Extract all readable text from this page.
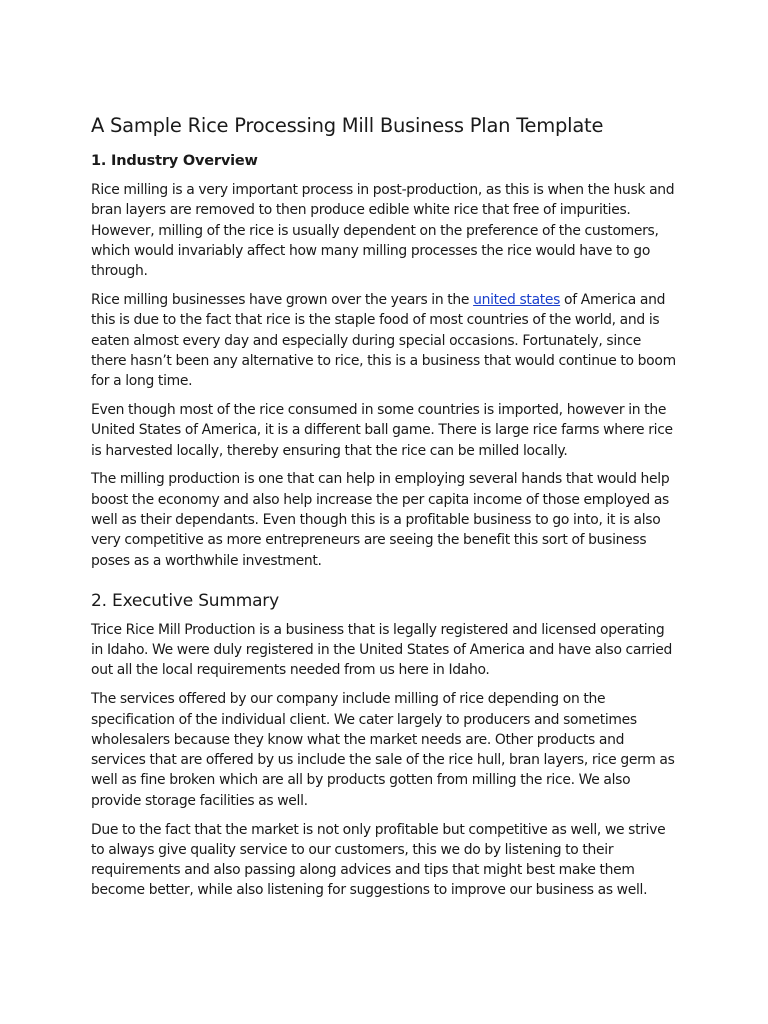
A Sample Rice Processing Mill Business Plan Template
1. Industry Overview

Rice milling is a very important process in post-production, as this is when the husk and bran layers are removed to then produce edible white rice that free of impurities. However, milling of the rice is usually dependent on the preference of the customers, which would invariably affect how many milling processes the rice would have to go through.

Rice milling businesses have grown over the years in the united states of America and this is due to the fact that rice is the staple food of most countries of the world, and is eaten almost every day and especially during special occasions. Fortunately, since there hasn’t been any alternative to rice, this is a business that would continue to boom for a long time.

Even though most of the rice consumed in some countries is imported, however in the United States of America, it is a different ball game. There is large rice farms where rice is harvested locally, thereby ensuring that the rice can be milled locally.

The milling production is one that can help in employing several hands that would help boost the economy and also help increase the per capita income of those employed as well as their dependants. Even though this is a profitable business to go into, it is also very competitive as more entrepreneurs are seeing the benefit this sort of business poses as a worthwhile investment.

2. Executive Summary

Trice Rice Mill Production is a business that is legally registered and licensed operating in Idaho. We were duly registered in the United States of America and have also carried out all the local requirements needed from us here in Idaho.

The services offered by our company include milling of rice depending on the specification of the individual client. We cater largely to producers and sometimes wholesalers because they know what the market needs are. Other products and services that are offered by us include the sale of the rice hull, bran layers, rice germ as well as fine broken which are all by products gotten from milling the rice. We also provide storage facilities as well.

Due to the fact that the market is not only profitable but competitive as well, we strive to always give quality service to our customers, this we do by listening to their requirements and also passing along advices and tips that might best make them become better, while also listening for suggestions to improve our business as well.
